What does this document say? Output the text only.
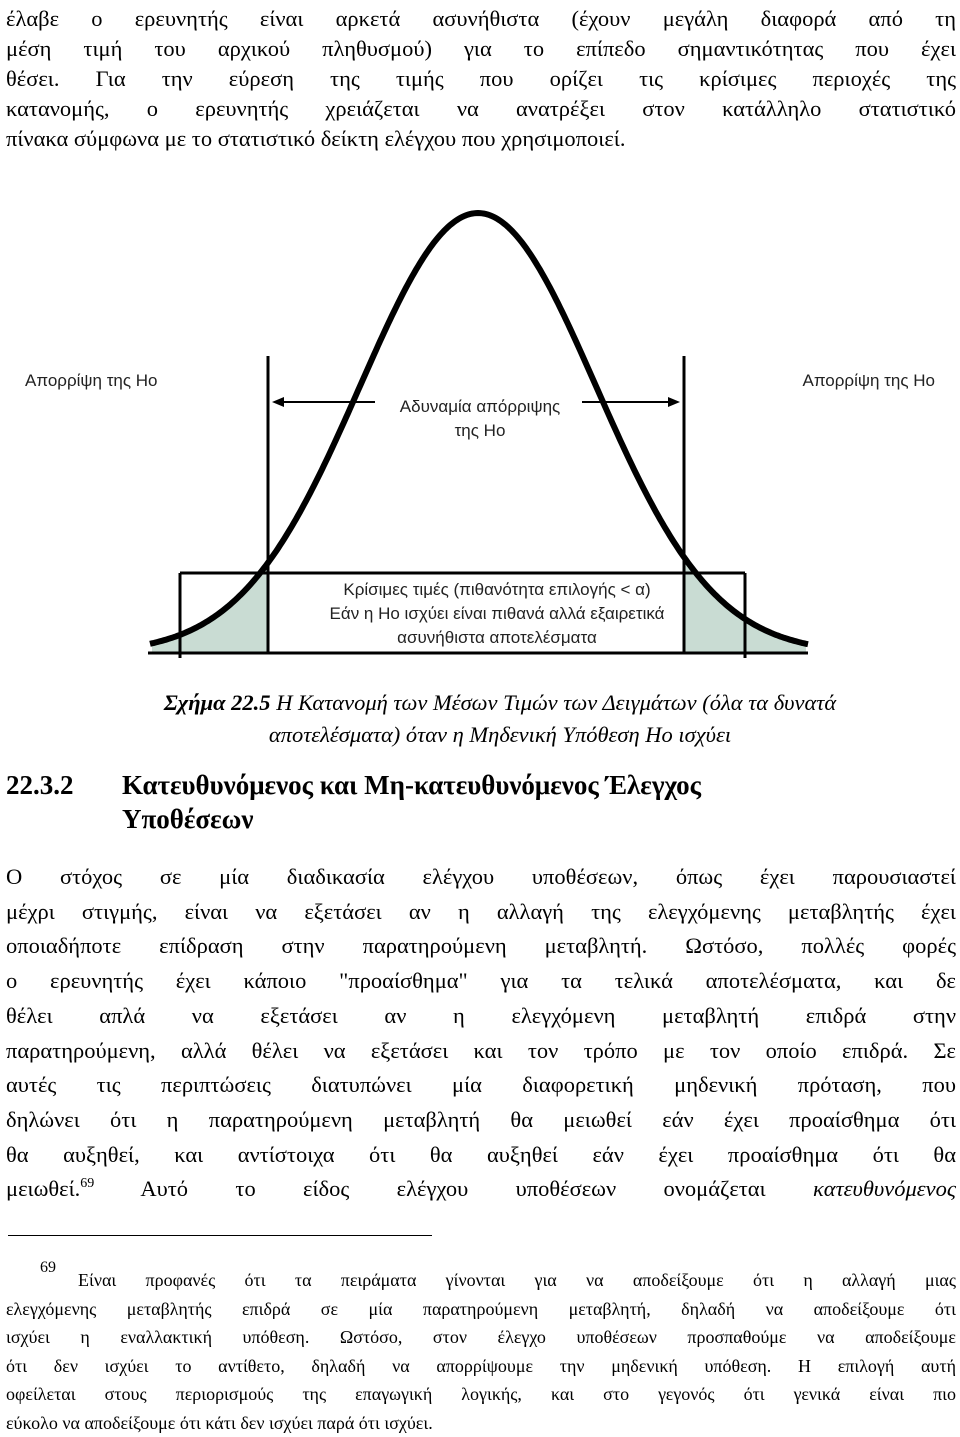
έλαβε ο ερευνητής είναι αρκετά ασυνήθιστα (έχουν μεγάλη διαφορά από τη
μέση τιμή του αρχικού πληθυσμού) για το επίπεδο σημαντικότητας που έχει
θέσει. Για την εύρεση της τιμής που ορίζει τις κρίσιμες περιοχές της
κατανομής, ο ερευνητής χρειάζεται να ανατρέξει στον κατάλληλο στατιστικό
πίνακα σύμφωνα με το στατιστικό δείκτη ελέγχου που χρησιμοποιεί.
Απορρίψη της Ho	Απορρίψη της Ho
Αδυναμία απόρριψης
της Ho
Κρίσιμες τιμές (πιθανότητα επιλογής < α)
Εάν η Ho ισχύει είναι πιθανά αλλά εξαιρετικά
ασυνήθιστα αποτελέσματα
Σχήμα 22.5 Η Κατανομή των Μέσων Τιμών των Δειγμάτων (όλα τα δυνατά
αποτελέσματα) όταν η Μηδενική Υπόθεση Ho ισχύει
22.3.2 Κατευθυνόμενος και Μη-κατευθυνόμενος Έλεγχος
Υποθέσεων
Ο στόχος σε μία διαδικασία ελέγχου υποθέσεων, όπως έχει παρουσιαστεί
μέχρι στιγμής, είναι να εξετάσει αν η αλλαγή της ελεγχόμενης μεταβλητής έχει
οποιαδήποτε επίδραση στην παρατηρούμενη μεταβλητή. Ωστόσο, πολλές φορές
ο ερευνητής έχει κάποιο "προαίσθημα" για τα τελικά αποτελέσματα, και δε
θέλει απλά να εξετάσει αν η ελεγχόμενη μεταβλητή επιδρά στην
παρατηρούμενη, αλλά θέλει να εξετάσει και τον τρόπο με τον οποίο επιδρά. Σε
αυτές τις περιπτώσεις διατυπώνει μία διαφορετική μηδενική πρόταση, που
δηλώνει ότι η παρατηρούμενη μεταβλητή θα μειωθεί εάν έχει προαίσθημα ότι
θα αυξηθεί, και αντίστοιχα ότι θα αυξηθεί εάν έχει προαίσθημα ότι θα
μειωθεί.$^{69}$ Αυτό το είδος ελέγχου υποθέσεων ονομάζεται κατευθυνόμενος
69
Είναι προφανές ότι τα πειράματα γίνονται για να αποδείξουμε ότι η αλλαγή μιας
ελεγχόμενης μεταβλητής επιδρά σε μία παρατηρούμενη μεταβλητή, δηλαδή να αποδείξουμε ότι
ισχύει η εναλλακτική υπόθεση. Ωστόσο, στον έλεγχο υποθέσεων προσπαθούμε να αποδείξουμε
ότι δεν ισχύει το αντίθετο, δηλαδή να απορρίψουμε την μηδενική υπόθεση. Η επιλογή αυτή
οφείλεται στους περιορισμούς της επαγωγική λογικής, και στο γεγονός ότι γενικά είναι πιο
εύκολο να αποδείξουμε ότι κάτι δεν ισχύει παρά ότι ισχύει.
